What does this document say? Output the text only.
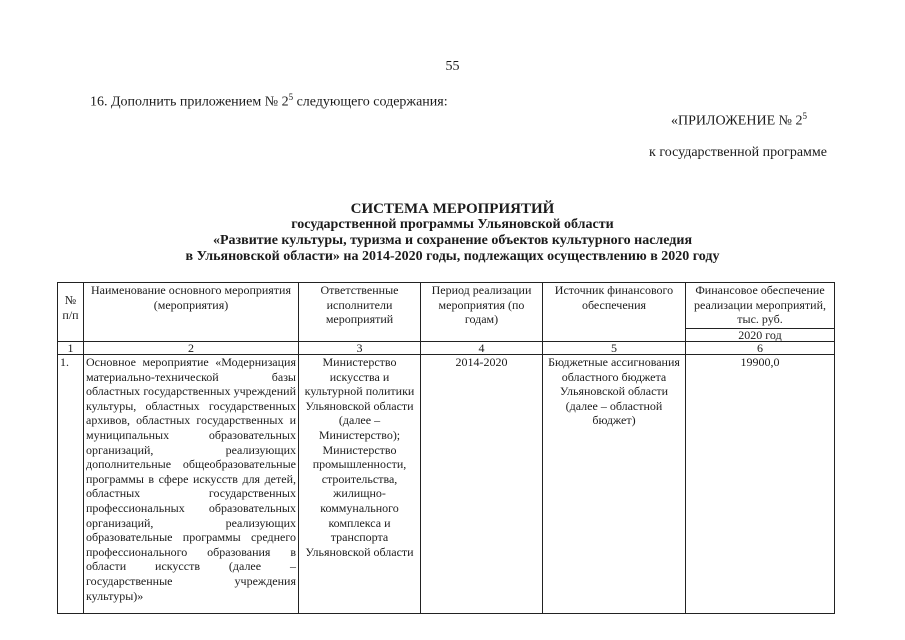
55
16. Дополнить приложением № $2^5$ следующего содержания:
«ПРИЛОЖЕНИЕ № $2^5$
к государственной программе
СИСТЕМА МЕРОПРИЯТИЙ
государственной программы Ульяновской области
«Развитие культуры, туризма и сохранение объектов культурного наследия
в Ульяновской области» на 2014-2020 годы, подлежащих осуществлению в 2020 году
№ п/п	Наименование основного мероприятия (мероприятия)	Ответственные исполнители мероприятий	Период реализации мероприятия (по годам)	Источник финансового обеспечения	Финансовое обеспечение реализации мероприятий, тыс. руб.
					2020 год
1	2	3	4	5	6
1.	Основное мероприятие «Модернизация материально-технической базы областных государственных учреждений культуры, областных государственных архивов, областных государственных и муниципальных образовательных организаций, реализующих дополнительные общеобразовательные программы в сфере искусств для детей, областных государственных профессиональных образовательных организаций, реализующих образовательные программы среднего профессионального образования в области искусств (далее – государственные учреждения культуры)»	Министерство искусства и культурной политики Ульяновской области (далее – Министерство); Министерство промышленности, строительства, жилищно-коммунального комплекса и транспорта Ульяновской области	2014-2020	Бюджетные ассигнования областного бюджета Ульяновской области (далее – областной бюджет)	19900,0
